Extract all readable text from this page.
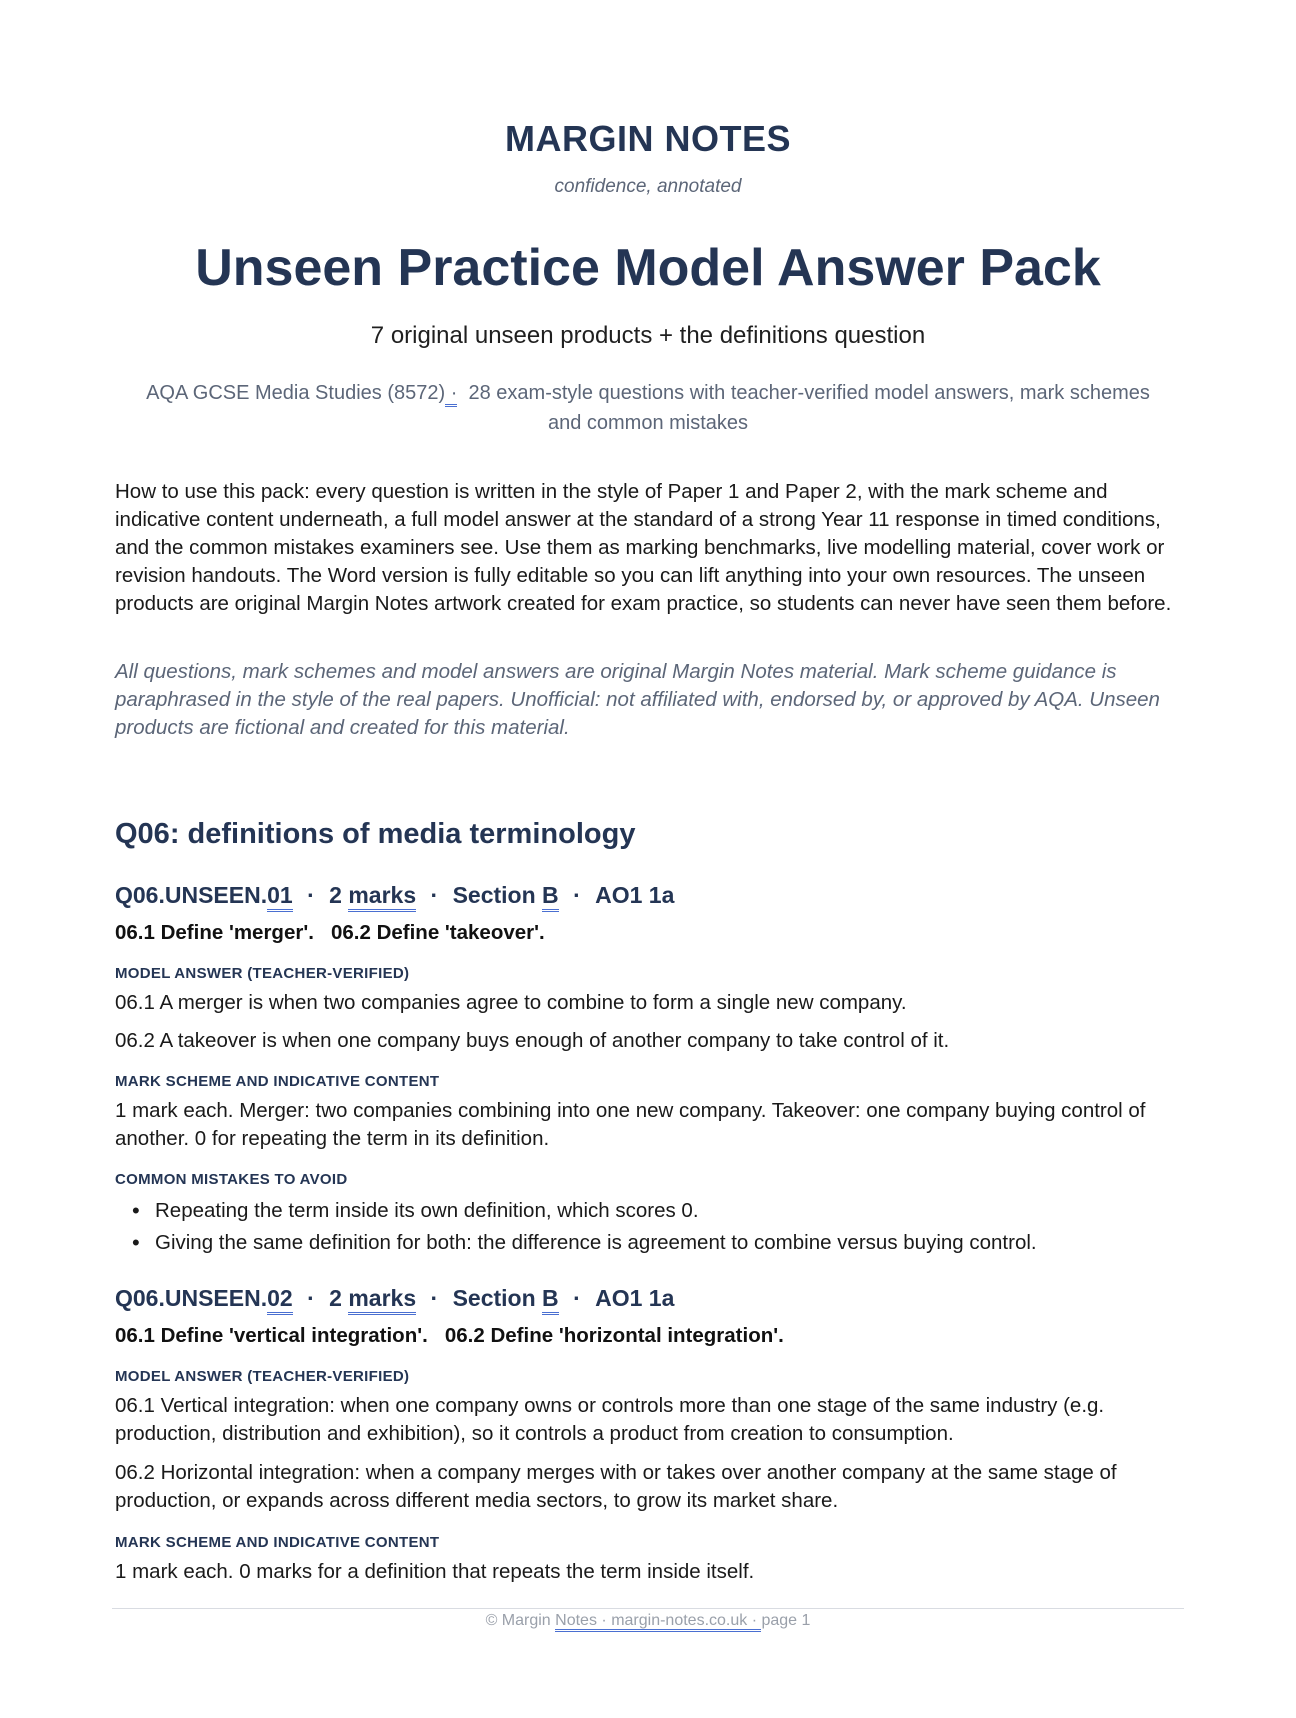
MARGIN NOTES
confidence, annotated
Unseen Practice Model Answer Pack
7 original unseen products + the definitions question
AQA GCSE Media Studies (8572) · 28 exam-style questions with teacher-verified model answers, mark schemes and common mistakes

How to use this pack: every question is written in the style of Paper 1 and Paper 2, with the mark scheme and indicative content underneath, a full model answer at the standard of a strong Year 11 response in timed conditions, and the common mistakes examiners see. Use them as marking benchmarks, live modelling material, cover work or revision handouts. The Word version is fully editable so you can lift anything into your own resources. The unseen products are original Margin Notes artwork created for exam practice, so students can never have seen them before.

All questions, mark schemes and model answers are original Margin Notes material. Mark scheme guidance is paraphrased in the style of the real papers. Unofficial: not affiliated with, endorsed by, or approved by AQA. Unseen products are fictional and created for this material.

Q06: definitions of media terminology
Q06.UNSEEN.01 · 2 marks · Section B · AO1 1a
06.1 Define 'merger'.   06.2 Define 'takeover'.
MODEL ANSWER (TEACHER-VERIFIED)

06.1 A merger is when two companies agree to combine to form a single new company.

06.2 A takeover is when one company buys enough of another company to take control of it.

MARK SCHEME AND INDICATIVE CONTENT

1 mark each. Merger: two companies combining into one new company. Takeover: one company buying control of another. 0 for repeating the term in its definition.

COMMON MISTAKES TO AVOID
• Repeating the term inside its own definition, which scores 0.
• Giving the same definition for both: the difference is agreement to combine versus buying control.
Q06.UNSEEN.02 · 2 marks · Section B · AO1 1a
06.1 Define 'vertical integration'.   06.2 Define 'horizontal integration'.
MODEL ANSWER (TEACHER-VERIFIED)

06.1 Vertical integration: when one company owns or controls more than one stage of the same industry (e.g. production, distribution and exhibition), so it controls a product from creation to consumption.

06.2 Horizontal integration: when a company merges with or takes over another company at the same stage of production, or expands across different media sectors, to grow its market share.

MARK SCHEME AND INDICATIVE CONTENT

1 mark each. 0 marks for a definition that repeats the term inside itself.

© Margin Notes · margin-notes.co.uk · page 1
